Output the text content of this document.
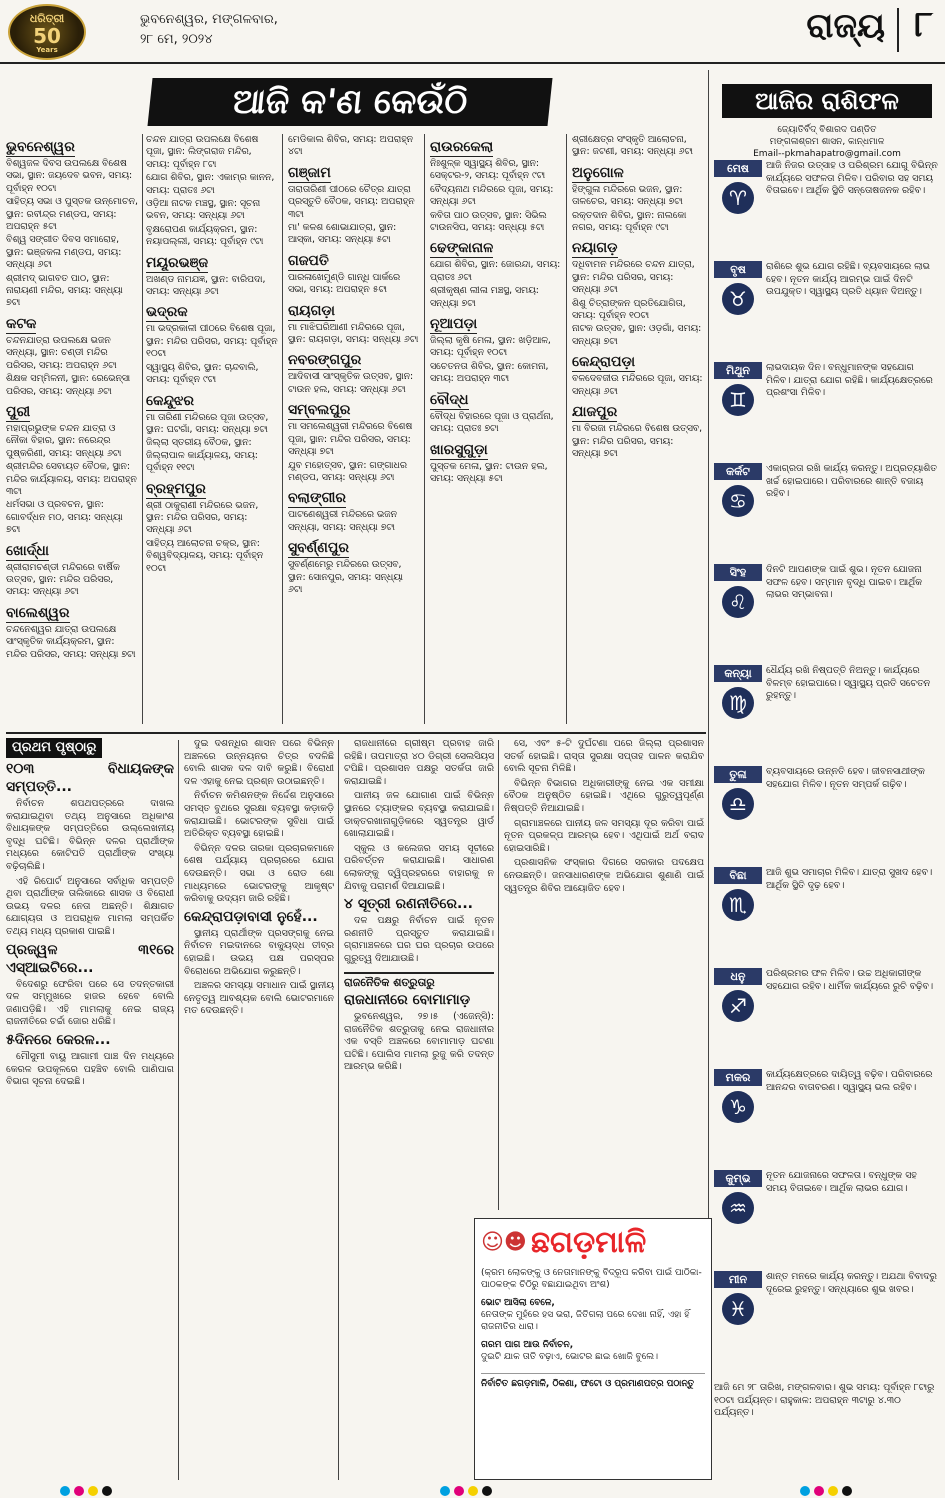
ଧରିତ୍ରୀ
50
Years
ଭୁବନେଶ୍ୱର, ମଙ୍ଗଳବାର,
୨୮ ମେ, ୨୦୨୪	ରାଜ୍ୟ ୮
ଆଜି କ'ଣ କେଉଁଠି
ଭୁବନେଶ୍ୱର

ବିଶ୍ୱଜଳ ଦିବସ ଉପଲକ୍ଷେ ବିଶେଷ ସଭା, ସ୍ଥାନ: ଜୟଦେବ ଭବନ, ସମୟ: ପୂର୍ବାହ୍ନ ୧୦ଟା

ସାହିତ୍ୟ ସଭା ଓ ପୁସ୍ତକ ଉନ୍ମୋଚନ, ସ୍ଥାନ: ରବୀନ୍ଦ୍ର ମଣ୍ଡପ, ସମୟ: ଅପରାହ୍ନ ୫ଟା

ବିଶ୍ୱ ସଙ୍ଗୀତ ଦିବସ ସମାରୋହ, ସ୍ଥାନ: ଭଞ୍ଜକଳା ମଣ୍ଡପ, ସମୟ: ସନ୍ଧ୍ୟା ୬ଟା

ଶ୍ରୀମଦ୍ ଭାଗବତ ପାଠ, ସ୍ଥାନ: ନାରାୟଣୀ ମନ୍ଦିର, ସମୟ: ସନ୍ଧ୍ୟା ୭ଟା

କଟକ

ଚନ୍ଦନଯାତ୍ରା ଉପଲକ୍ଷେ ଭଜନ ସନ୍ଧ୍ୟା, ସ୍ଥାନ: ଚଣ୍ଡୀ ମନ୍ଦିର ପରିସର, ସମୟ: ଅପରାହ୍ନ ୬ଟା

ଶିକ୍ଷକ ସମ୍ମିଳନୀ, ସ୍ଥାନ: ରେଭେନ୍ସା ପରିସର, ସମୟ: ସନ୍ଧ୍ୟା ୬ଟା

ପୁରୀ

ମହାପ୍ରଭୁଙ୍କ ଚନ୍ଦନ ଯାତ୍ରା ଓ ନୌକା ବିହାର, ସ୍ଥାନ: ନରେନ୍ଦ୍ର ପୁଷ୍କରିଣୀ, ସମୟ: ସନ୍ଧ୍ୟା ୬ଟା

ଶ୍ରୀମନ୍ଦିର ସେବାୟତ ବୈଠକ, ସ୍ଥାନ: ମନ୍ଦିର କାର୍ଯ୍ୟାଳୟ, ସମୟ: ଅପରାହ୍ନ ୩ଟା

ଧର୍ମସଭା ଓ ପ୍ରବଚନ, ସ୍ଥାନ: ଗୋବର୍ଦ୍ଧନ ମଠ, ସମୟ: ସନ୍ଧ୍ୟା ୭ଟା

ଖୋର୍ଦ୍ଧା

ଶ୍ରୀରାମଚଣ୍ଡୀ ମନ୍ଦିରରେ ବାର୍ଷିକ ଉତ୍ସବ, ସ୍ଥାନ: ମନ୍ଦିର ପରିସର, ସମୟ: ସନ୍ଧ୍ୟା ୬ଟା

ବାଲେଶ୍ୱର

ଚନ୍ଦନେଶ୍ୱର ଯାତ୍ରା ଉପଲକ୍ଷେ ସାଂସ୍କୃତିକ କାର୍ଯ୍ୟକ୍ରମ, ସ୍ଥାନ: ମନ୍ଦିର ପରିସର, ସମୟ: ସନ୍ଧ୍ୟା ୭ଟା

ଚନ୍ଦନ ଯାତ୍ରା ଉପଲକ୍ଷେ ବିଶେଷ ପୂଜା, ସ୍ଥାନ: ଲିଙ୍ଗରାଜ ମନ୍ଦିର, ସମୟ: ପୂର୍ବାହ୍ନ ୮ଟା

ଯୋଗ ଶିବିର, ସ୍ଥାନ: ଏକାମ୍ର କାନନ, ସମୟ: ପ୍ରାତଃ ୬ଟା

ଓଡ଼ିଆ ନାଟକ ମଞ୍ଚସ୍ଥ, ସ୍ଥାନ: ସୂଚନା ଭବନ, ସମୟ: ସନ୍ଧ୍ୟା ୬ଟା

ବୃକ୍ଷରୋପଣ କାର୍ଯ୍ୟକ୍ରମ, ସ୍ଥାନ: ନୟାପଲ୍ଲୀ, ସମୟ: ପୂର୍ବାହ୍ନ ୯ଟା

ମୟୂରଭଞ୍ଜ

ଅଖଣ୍ଡ ନାମଯଜ୍ଞ, ସ୍ଥାନ: ବାରିପଦା, ସମୟ: ସନ୍ଧ୍ୟା ୬ଟା

ଭଦ୍ରକ

ମା ଭଦ୍ରକାଳୀ ପୀଠରେ ବିଶେଷ ପୂଜା, ସ୍ଥାନ: ମନ୍ଦିର ପରିସର, ସମୟ: ପୂର୍ବାହ୍ନ ୧୦ଟା

ସ୍ୱାସ୍ଥ୍ୟ ଶିବିର, ସ୍ଥାନ: ଚାନ୍ଦବାଲି, ସମୟ: ପୂର୍ବାହ୍ନ ୯ଟା

କେନ୍ଦୁଝର

ମା ତାରିଣୀ ମନ୍ଦିରରେ ପୂଜା ଉତ୍ସବ, ସ୍ଥାନ: ଘଟଗାଁ, ସମୟ: ସନ୍ଧ୍ୟା ୭ଟା

ଜିଲ୍ଲା ସ୍ତରୀୟ ବୈଠକ, ସ୍ଥାନ: ଜିଲ୍ଲାପାଳ କାର୍ଯ୍ୟାଳୟ, ସମୟ: ପୂର୍ବାହ୍ନ ୧୧ଟା

ବ୍ରହ୍ମପୁର

ଶ୍ରୀ ଠାକୁରାଣୀ ମନ୍ଦିରରେ ଭଜନ, ସ୍ଥାନ: ମନ୍ଦିର ପରିସର, ସମୟ: ସନ୍ଧ୍ୟା ୬ଟା

ସାହିତ୍ୟ ଆଲୋଚନା ଚକ୍ର, ସ୍ଥାନ: ବିଶ୍ୱବିଦ୍ୟାଳୟ, ସମୟ: ପୂର୍ବାହ୍ନ ୧୦ଟା

ମେଡିକାଲ ଶିବିର, ସମୟ: ଅପରାହ୍ନ ୪ଟା

ଗଞ୍ଜାମ

ତାରାତାରିଣୀ ପୀଠରେ ଚୈତ୍ର ଯାତ୍ରା ପ୍ରସ୍ତୁତି ବୈଠକ, ସମୟ: ଅପରାହ୍ନ ୩ଟା

ମା' କଳଶ ଶୋଭାଯାତ୍ରା, ସ୍ଥାନ: ଆସ୍କା, ସମୟ: ସନ୍ଧ୍ୟା ୫ଟା

ଗଜପତି

ପାରଳାଖେମୁଣ୍ଡି ଗାନ୍ଧି ପାର୍କରେ ସଭା, ସମୟ: ଅପରାହ୍ନ ୫ଟା

ରାୟଗଡ଼ା

ମା ମାଝିଘରିଆଣୀ ମନ୍ଦିରରେ ପୂଜା, ସ୍ଥାନ: ରାୟଗଡ଼ା, ସମୟ: ସନ୍ଧ୍ୟା ୬ଟା

ନବରଙ୍ଗପୁର

ଆଦିବାସୀ ସାଂସ୍କୃତିକ ଉତ୍ସବ, ସ୍ଥାନ: ଟାଉନ ହଲ, ସମୟ: ସନ୍ଧ୍ୟା ୬ଟା

ସମ୍ବଲପୁର

ମା ସମଲେଶ୍ୱରୀ ମନ୍ଦିରରେ ବିଶେଷ ପୂଜା, ସ୍ଥାନ: ମନ୍ଦିର ପରିସର, ସମୟ: ସନ୍ଧ୍ୟା ୭ଟା

ଯୁବ ମହୋତ୍ସବ, ସ୍ଥାନ: ଗଙ୍ଗାଧର ମଣ୍ଡପ, ସମୟ: ସନ୍ଧ୍ୟା ୬ଟା

ବଲାଙ୍ଗୀର

ପାଟଣେଶ୍ୱରୀ ମନ୍ଦିରରେ ଭଜନ ସନ୍ଧ୍ୟା, ସମୟ: ସନ୍ଧ୍ୟା ୭ଟା

ସୁବର୍ଣ୍ଣପୁର

ସୁବର୍ଣ୍ଣମେରୁ ମନ୍ଦିରରେ ଉତ୍ସବ, ସ୍ଥାନ: ସୋନପୁର, ସମୟ: ସନ୍ଧ୍ୟା ୬ଟା

ରାଉରକେଲା

ନିଃଶୁଳ୍କ ସ୍ୱାସ୍ଥ୍ୟ ଶିବିର, ସ୍ଥାନ: ସେକ୍ଟର-୨, ସମୟ: ପୂର୍ବାହ୍ନ ୯ଟା

ବୈଦ୍ୟନାଥ ମନ୍ଦିରରେ ପୂଜା, ସମୟ: ସନ୍ଧ୍ୟା ୬ଟା

କବିତା ପାଠ ଉତ୍ସବ, ସ୍ଥାନ: ସିଭିଲ ଟାଉନସିପ, ସମୟ: ସନ୍ଧ୍ୟା ୫ଟା

ଢେଙ୍କାନାଳ

ଯୋଗ ଶିବିର, ସ୍ଥାନ: ଜୋରନ୍ଦା, ସମୟ: ପ୍ରାତଃ ୬ଟା

ଶ୍ରୀକୃଷ୍ଣ ଲୀଳା ମଞ୍ଚସ୍ଥ, ସମୟ: ସନ୍ଧ୍ୟା ୭ଟା

ନୂଆପଡ଼ା

ଜିଲ୍ଲା କୃଷି ମେଳା, ସ୍ଥାନ: ଖଡ଼ିଆଳ, ସମୟ: ପୂର୍ବାହ୍ନ ୧୦ଟା

ସଚେତନତା ଶିବିର, ସ୍ଥାନ: କୋମନା, ସମୟ: ଅପରାହ୍ନ ୩ଟା

ବୌଦ୍ଧ

ବୌଦ୍ଧ ବିହାରରେ ପୂଜା ଓ ପ୍ରାର୍ଥନା, ସମୟ: ପ୍ରାତଃ ୭ଟା

ଖାରସୁଗୁଡ଼ା

ପୁସ୍ତକ ମେଳା, ସ୍ଥାନ: ଟାଉନ ହଲ, ସମୟ: ସନ୍ଧ୍ୟା ୫ଟା

ଶ୍ରୀକ୍ଷେତ୍ର ସଂସ୍କୃତି ଆଲୋଚନା, ସ୍ଥାନ: ଜଟଣୀ, ସମୟ: ସନ୍ଧ୍ୟା ୬ଟା

ଅନୁଗୋଳ

ହିଙ୍ଗୁଳା ମନ୍ଦିରରେ ଭଜନ, ସ୍ଥାନ: ତାଳଚେର, ସମୟ: ସନ୍ଧ୍ୟା ୭ଟା

ରକ୍ତଦାନ ଶିବିର, ସ୍ଥାନ: ନାଲକୋ ନଗର, ସମୟ: ପୂର୍ବାହ୍ନ ୯ଟା

ନୟାଗଡ଼

ଦଧିବାମନ ମନ୍ଦିରରେ ଚନ୍ଦନ ଯାତ୍ରା, ସ୍ଥାନ: ମନ୍ଦିର ପରିସର, ସମୟ: ସନ୍ଧ୍ୟା ୬ଟା

ଶିଶୁ ଚିତ୍ରାଙ୍କନ ପ୍ରତିଯୋଗିତା, ସମୟ: ପୂର୍ବାହ୍ନ ୧୦ଟା

ନାଟକ ଉତ୍ସବ, ସ୍ଥାନ: ଓଡ଼ଗାଁ, ସମୟ: ସନ୍ଧ୍ୟା ୭ଟା

କେନ୍ଦ୍ରାପଡ଼ା

ବଳଦେବଜୀଉ ମନ୍ଦିରରେ ପୂଜା, ସମୟ: ସନ୍ଧ୍ୟା ୬ଟା

ଯାଜପୁର

ମା ବିରଜା ମନ୍ଦିରରେ ବିଶେଷ ଉତ୍ସବ, ସ୍ଥାନ: ମନ୍ଦିର ପରିସର, ସମୟ: ସନ୍ଧ୍ୟା ୭ଟା

ଆଜିର ରାଶିଫଳ
ଜ୍ୟୋତିର୍ବିଦ୍ ବିଶାରଦ ପଣ୍ଡିତ
ମଙ୍ଗଳାଶ୍ରମ ଶାସନ, କାନ୍ଧମାଳ
Email--pkmahapatro@gmail.com
ମେଷ
♈
ଆଜି ନିଜର ଉତ୍ସାହ ଓ ପରିଶ୍ରମ ଯୋଗୁ ବିଭିନ୍ନ କାର୍ଯ୍ୟରେ ସଫଳତା ମିଳିବ। ପରିବାର ସହ ସମୟ ବିତାଇବେ। ଆର୍ଥିକ ସ୍ଥିତି ସନ୍ତୋଷଜନକ ରହିବ।
ବୃଷ
♉
ରାଶିରେ ଶୁଭ ଯୋଗ ରହିଛି। ବ୍ୟବସାୟରେ ଲାଭ ହେବ। ନୂତନ କାର୍ଯ୍ୟ ଆରମ୍ଭ ପାଇଁ ଦିନଟି ଉପଯୁକ୍ତ। ସ୍ୱାସ୍ଥ୍ୟ ପ୍ରତି ଧ୍ୟାନ ଦିଅନ୍ତୁ।
ମିଥୁନ
♊
ଲାଭଦାୟକ ଦିନ। ବନ୍ଧୁମାନଙ୍କ ସହଯୋଗ ମିଳିବ। ଯାତ୍ରା ଯୋଗ ରହିଛି। କାର୍ଯ୍ୟକ୍ଷେତ୍ରରେ ପ୍ରଶଂସା ମିଳିବ।
କର୍କଟ
♋
ଏକାଗ୍ରତା ରଖି କାର୍ଯ୍ୟ କରନ୍ତୁ। ଅପ୍ରତ୍ୟାଶିତ ଖର୍ଚ୍ଚ ହୋଇପାରେ। ପରିବାରରେ ଶାନ୍ତି ବଜାୟ ରହିବ।
ସିଂହ
♌
ଦିନଟି ଆପଣଙ୍କ ପାଇଁ ଶୁଭ। ନୂତନ ଯୋଜନା ସଫଳ ହେବ। ସମ୍ମାନ ବୃଦ୍ଧି ପାଇବ। ଆର୍ଥିକ ଲାଭର ସମ୍ଭାବନା।
କନ୍ୟା
♍
ଧୈର୍ଯ୍ୟ ରଖି ନିଷ୍ପତ୍ତି ନିଅନ୍ତୁ। କାର୍ଯ୍ୟରେ ବିଳମ୍ବ ହୋଇପାରେ। ସ୍ୱାସ୍ଥ୍ୟ ପ୍ରତି ସଚେତନ ରୁହନ୍ତୁ।
ତୁଳା
♎
ବ୍ୟବସାୟରେ ଉନ୍ନତି ହେବ। ଜୀବନସାଥୀଙ୍କ ସହଯୋଗ ମିଳିବ। ନୂତନ ସମ୍ପର୍କ ଗଢ଼ିବ।
ବିଛା
♏
ଆଜି ଶୁଭ ସମାଚାର ମିଳିବ। ଯାତ୍ରା ସୁଖଦ ହେବ। ଆର୍ଥିକ ସ୍ଥିତି ଦୃଢ଼ ହେବ।
ଧନୁ
♐
ପରିଶ୍ରମର ଫଳ ମିଳିବ। ଉଚ୍ଚ ଅଧିକାରୀଙ୍କ ସହଯୋଗ ରହିବ। ଧାର୍ମିକ କାର୍ଯ୍ୟରେ ରୁଚି ବଢ଼ିବ।
ମକର
♑
କାର୍ଯ୍ୟକ୍ଷେତ୍ରରେ ଦାୟିତ୍ୱ ବଢ଼ିବ। ପରିବାରରେ ଆନନ୍ଦର ବାତାବରଣ। ସ୍ୱାସ୍ଥ୍ୟ ଭଲ ରହିବ।
କୁମ୍ଭ
♒
ନୂତନ ଯୋଜନାରେ ସଫଳତା। ବନ୍ଧୁଙ୍କ ସହ ସମୟ ବିତାଇବେ। ଆର୍ଥିକ ଲାଭର ଯୋଗ।
ମୀନ
♓
ଶାନ୍ତ ମନରେ କାର୍ଯ୍ୟ କରନ୍ତୁ। ଅଯଥା ବିବାଦରୁ ଦୂରେଇ ରୁହନ୍ତୁ। ସନ୍ଧ୍ୟାରେ ଶୁଭ ଖବର।
ଆଜି ମେ ୨୮ ତାରିଖ, ମଙ୍ଗଳବାର। ଶୁଭ ସମୟ: ପୂର୍ବାହ୍ନ ୮ଟାରୁ ୧୦ଟା ପର୍ଯ୍ୟନ୍ତ। ରାହୁକାଳ: ଅପରାହ୍ନ ୩ଟାରୁ ୪.୩୦ ପର୍ଯ୍ୟନ୍ତ।
ପ୍ରଥମ ପୃଷ୍ଠାରୁ
୧୦୩ ବିଧାୟକଙ୍କ ସମ୍ପତ୍ତି...

ନିର୍ବାଚନ ଶପଥପତ୍ରରେ ଦାଖଲ କରାଯାଇଥିବା ତଥ୍ୟ ଅନୁସାରେ ଅଧିକାଂଶ ବିଧାୟକଙ୍କ ସମ୍ପତ୍ତିରେ ଉଲ୍ଲେଖନୀୟ ବୃଦ୍ଧି ଘଟିଛି। ବିଭିନ୍ନ ଦଳର ପ୍ରାର୍ଥୀଙ୍କ ମଧ୍ୟରେ କୋଟିପତି ପ୍ରାର୍ଥୀଙ୍କ ସଂଖ୍ୟା ବଢ଼ିଚାଲିଛି।

ଏହି ରିପୋର୍ଟ ଅନୁସାରେ ସର୍ବାଧିକ ସମ୍ପତ୍ତି ଥିବା ପ୍ରାର୍ଥୀଙ୍କ ତାଲିକାରେ ଶାସକ ଓ ବିରୋଧୀ ଉଭୟ ଦଳର ନେତା ଅଛନ୍ତି। ଶିକ୍ଷାଗତ ଯୋଗ୍ୟତା ଓ ଅପରାଧିକ ମାମଲା ସମ୍ପର୍କିତ ତଥ୍ୟ ମଧ୍ୟ ପ୍ରକାଶ ପାଇଛି।

ପ୍ରଜ୍ୱଳ ୩୧ରେ ଏସ୍‌ଆଇଟିରେ...

ବିଦେଶରୁ ଫେରିବା ପରେ ସେ ତଦନ୍ତକାରୀ ଦଳ ସମ୍ମୁଖରେ ହାଜର ହେବେ ବୋଲି ଜଣାପଡ଼ିଛି। ଏହି ମାମଲାକୁ ନେଇ ରାଜ୍ୟ ରାଜନୀତିରେ ଚର୍ଚ୍ଚା ଜୋର ଧରିଛି।

୫ଦିନରେ କେରଳ...

ମୌସୁମୀ ବାୟୁ ଆଗାମୀ ପାଞ୍ଚ ଦିନ ମଧ୍ୟରେ କେରଳ ଉପକୂଳରେ ପହଞ୍ଚିବ ବୋଲି ପାଣିପାଗ ବିଭାଗ ସୂଚନା ଦେଇଛି।

ଦୁଇ ଦଶନ୍ଧିର ଶାସନ ପରେ ବିଭିନ୍ନ ଅଞ୍ଚଳରେ ଉନ୍ନୟନର ଚିତ୍ର ବଦଳିଛି ବୋଲି ଶାସକ ଦଳ ଦାବି କରୁଛି। ବିରୋଧୀ ଦଳ ଏହାକୁ ନେଇ ପ୍ରଶ୍ନ ଉଠାଇଛନ୍ତି।

ନିର୍ବାଚନ କମିଶନଙ୍କ ନିର୍ଦ୍ଦେଶ ଅନୁସାରେ ସମସ୍ତ ବୁଥରେ ସୁରକ୍ଷା ବ୍ୟବସ୍ଥା କଡ଼ାକଡ଼ି କରାଯାଇଛି। ଭୋଟରଙ୍କ ସୁବିଧା ପାଇଁ ଅତିରିକ୍ତ ବ୍ୟବସ୍ଥା ହୋଇଛି।

ବିଭିନ୍ନ ଦଳର ତାରକା ପ୍ରଚାରକମାନେ ଶେଷ ପର୍ଯ୍ୟାୟ ପ୍ରଚାରରେ ଯୋଗ ଦେଉଛନ୍ତି। ସଭା ଓ ରୋଡ ଶୋ ମାଧ୍ୟମରେ ଭୋଟରଙ୍କୁ ଆକୃଷ୍ଟ କରିବାକୁ ଉଦ୍ୟମ ଜାରି ରହିଛି।

କେନ୍ଦ୍ରାପଡ଼ାବାସୀ ନୁହେଁ...

ସ୍ଥାନୀୟ ପ୍ରାର୍ଥୀଙ୍କ ପ୍ରସଙ୍ଗକୁ ନେଇ ନିର୍ବାଚନ ମଇଦାନରେ ବାକ୍ୟୁଦ୍ଧ ତୀବ୍ର ହୋଇଛି। ଉଭୟ ପକ୍ଷ ପରସ୍ପର ବିରୋଧରେ ଅଭିଯୋଗ କରୁଛନ୍ତି।

ଅଞ୍ଚଳର ସମସ୍ୟା ସମାଧାନ ପାଇଁ ସ୍ଥାନୀୟ ନେତୃତ୍ୱ ଆବଶ୍ୟକ ବୋଲି ଭୋଟରମାନେ ମତ ଦେଉଛନ୍ତି।

ରାଜଧାନୀରେ ଗ୍ରୀଷ୍ମ ପ୍ରବାହ ଜାରି ରହିଛି। ତାପମାତ୍ରା ୪୦ ଡିଗ୍ରୀ ସେଲସିୟସ ଟପିଛି। ପ୍ରଶାସନ ପକ୍ଷରୁ ସତର୍କତା ଜାରି କରାଯାଇଛି।

ପାନୀୟ ଜଳ ଯୋଗାଣ ପାଇଁ ବିଭିନ୍ନ ସ୍ଥାନରେ ଟ୍ୟାଙ୍କର ବ୍ୟବସ୍ଥା କରାଯାଇଛି। ଡାକ୍ତରଖାନାଗୁଡ଼ିକରେ ସ୍ୱତନ୍ତ୍ର ୱାର୍ଡ ଖୋଲାଯାଇଛି।

ସ୍କୁଲ ଓ କଲେଜର ସମୟ ସୂଚୀରେ ପରିବର୍ତ୍ତନ କରାଯାଇଛି। ସାଧାରଣ ଲୋକଙ୍କୁ ଦ୍ୱିପ୍ରହରରେ ବାହାରକୁ ନ ଯିବାକୁ ପରାମର୍ଶ ଦିଆଯାଇଛି।

୪ ସୂତ୍ରୀ ରଣନୀତିରେ...

ଦଳ ପକ୍ଷରୁ ନିର୍ବାଚନ ପାଇଁ ନୂତନ ରଣନୀତି ପ୍ରସ୍ତୁତ କରାଯାଇଛି। ଗ୍ରାମାଞ୍ଚଳରେ ଘର ଘର ପ୍ରଚାର ଉପରେ ଗୁରୁତ୍ୱ ଦିଆଯାଉଛି।

ରାଜନୈତିକ ଶତ୍ରୁତାରୁ
ରାଜଧାନୀରେ ବୋମାମାଡ଼

ଭୁବନେଶ୍ୱର, ୨୭।୫ (ଏଜେନ୍ସି): ରାଜନୈତିକ ଶତ୍ରୁତାକୁ ନେଇ ରାଜଧାନୀର ଏକ ବସ୍ତି ଅଞ୍ଚଳରେ ବୋମାମାଡ଼ ଘଟଣା ଘଟିଛି। ପୋଲିସ ମାମଲା ରୁଜୁ କରି ତଦନ୍ତ ଆରମ୍ଭ କରିଛି।

ସେ, ଏବଂ ୫-ଟି ଦୁର୍ଘଟଣା ପରେ ଜିଲ୍ଲା ପ୍ରଶାସନ ସତର୍କ ହୋଇଛି। ରାସ୍ତା ସୁରକ୍ଷା ସପ୍ତାହ ପାଳନ କରାଯିବ ବୋଲି ସୂଚନା ମିଳିଛି।

ବିଭିନ୍ନ ବିଭାଗର ଅଧିକାରୀଙ୍କୁ ନେଇ ଏକ ସମୀକ୍ଷା ବୈଠକ ଅନୁଷ୍ଠିତ ହୋଇଛି। ଏଥିରେ ଗୁରୁତ୍ୱପୂର୍ଣ୍ଣ ନିଷ୍ପତ୍ତି ନିଆଯାଇଛି।

ଗ୍ରାମାଞ୍ଚଳରେ ପାନୀୟ ଜଳ ସମସ୍ୟା ଦୂର କରିବା ପାଇଁ ନୂତନ ପ୍ରକଳ୍ପ ଆରମ୍ଭ ହେବ। ଏଥିପାଇଁ ଅର୍ଥ ବରାଦ ହୋଇସାରିଛି।

ପ୍ରଶାସନିକ ସଂସ୍କାର ଦିଗରେ ସରକାର ପଦକ୍ଷେପ ନେଉଛନ୍ତି। ଜନସାଧାରଣଙ୍କ ଅଭିଯୋଗ ଶୁଣାଣି ପାଇଁ ସ୍ୱତନ୍ତ୍ର ଶିବିର ଆୟୋଜିତ ହେବ।

☺☻ ଛଗଡ଼ମାଳି
(କ୍ରମ ଲୋକଙ୍କୁ ଓ ନେତାମାନଙ୍କୁ ବିଦ୍ରୂପ କରିବା ପାଇଁ ପାଠିକା-ପାଠକଙ୍କ ଚିଠିରୁ ବଛାଯାଇଥିବା ଅଂଶ)
ଭୋଟ ଆସିଲା ବେଳେ,
ନେତାଙ୍କ ମୁହଁରେ ହସ ଭରା, ଜିତିଗଲା ପରେ ଦେଖା ନାହିଁ, ଏହା ହିଁ ରାଜନୀତିର ଧାରା।
ଗରମ ପାଗ ଆଉ ନିର୍ବାଚନ,
ଦୁଇଟି ଯାକ ତାତି ବଢ଼ାଏ, ଭୋଟର ଛାଇ ଖୋଜି ବୁଲେ।
ନିର୍ବାଚିତ ଛଗଡ଼ମାଳି, ଠିକଣା, ଫଟୋ ଓ ପ୍ରମାଣପତ୍ର ପଠାନ୍ତୁ
